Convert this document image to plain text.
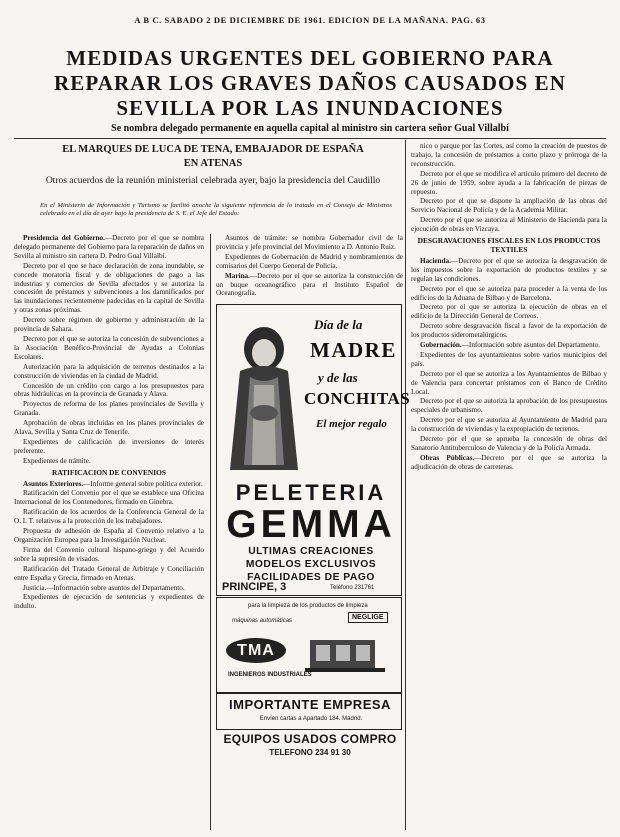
A B C. SABADO 2 DE DICIEMBRE DE 1961. EDICION DE LA MAÑANA. PAG. 63
MEDIDAS URGENTES DEL GOBIERNO PARA
REPARAR LOS GRAVES DAÑOS CAUSADOS EN
SEVILLA POR LAS INUNDACIONES
Se nombra delegado permanente en aquella capital al ministro sin cartera señor Gual Villalbí
EL MARQUES DE LUCA DE TENA, EMBAJADOR DE ESPAÑA
EN ATENAS
Otros acuerdos de la reunión ministerial celebrada ayer, bajo la presidencia del Caudillo
En el Ministerio de Información y Turismo se facilitó anoche la siguiente referencia de lo tratado en el Consejo de Ministros celebrado en el día de ayer bajo la presidencia de S. E. el Jefe del Estado:

Presidencia del Gobierno.—Decreto por el que se nombra delegado permanente del Gobierno para la reparación de daños en Sevilla al ministro sin cartera D. Pedro Gual Villalbí.

Decreto por el que se hace declaración de zona inundable, se concede moratoria fiscal y de obligaciones de pago a las industrias y comercios de Sevilla afectados y se autoriza la concesión de préstamos y subvenciones a los damnificados por las inundaciones recientemente padecidas en la capital de Sevilla y otras zonas próximas.

Decreto sobre régimen de gobierno y administración de la provincia de Sahara.

Decreto por el que se autoriza la concesión de subvenciones a la Asociación Benéfico-Provincial de Ayudas a Colonias Escolares.

Autorización para la adquisición de terrenos destinados a la construcción de viviendas en la ciudad de Madrid.

Concesión de un crédito con cargo a los presupuestos para obras hidráulicas en la provincia de Granada y Alava.

Proyectos de reforma de los planes provinciales de Sevilla y Granada.

Aprobación de obras incluidas en los planes provinciales de Alava, Sevilla y Santa Cruz de Tenerife.

Expedientes de calificación de inversiones de interés preferente.

Expedientes de trámite.

RATIFICACION DE CONVENIOS

Asuntos Exteriores.—Informe general sobre política exterior.

Ratificación del Convenio por el que se establece una Oficina Internacional de los Contenedores, firmado en Ginebra.

Ratificación de los acuerdos de la Conferencia General de la O. I. T. relativos a la protección de los trabajadores.

Propuesta de adhesión de España al Convenio relativo a la Organización Europea para la Investigación Nuclear.

Firma del Convenio cultural hispano-griego y del Acuerdo sobre la supresión de visados.

Ratificación del Tratado General de Arbitraje y Conciliación entre España y Grecia, firmado en Atenas.

Justicia.—Información sobre asuntos del Departamento.

Expedientes de ejecución de sentencias y expedientes de indulto.

Asuntos de trámite: se nombra Gobernador civil de la provincia y jefe provincial del Movimiento a D. Antonio Ruiz.

Expedientes de Gobernación de Madrid y nombramientos de comisarios del Cuerpo General de Policía.

Marina.—Decreto por el que se autoriza la construcción de un buque oceanográfico para el Instituto Español de Oceanografía.

Día de la
MADRE
y de las
CONCHITAS
El mejor regalo
PELETERIA
GEMMA
ULTIMAS CREACIONES
MODELOS EXCLUSIVOS
FACILIDADES DE PAGO
PRINCIPE, 3	Teléfono 231761
para la limpieza de los productos de limpieza
máquinas automáticas	NEGLIGE
TMA
INGENIEROS INDUSTRIALES
IMPORTANTE EMPRESA
Envíen cartas a Apartado 184. Madrid.
EQUIPOS USADOS COMPRO
TELEFONO 234 91 30

nico o parque por las Cortes, así como la creación de puestos de trabajo, la concesión de préstamos a corto plazo y prórroga de la reconstrucción.

Decreto por el que se modifica el artículo primero del decreto de 26 de junio de 1959, sobre ayuda a la fabricación de piezas de repuesto.

Decreto por el que se dispone la ampliación de las obras del Servicio Nacional de Policía y de la Academia Militar.

Decreto por el que se autoriza al Ministerio de Hacienda para la ejecución de obras en Vizcaya.

DESGRAVACIONES FISCALES EN LOS PRODUCTOS TEXTILES

Hacienda.—Decreto por el que se autoriza la desgravación de los impuestos sobre la exportación de productos textiles y se regulan las condiciones.

Decreto por el que se autoriza para proceder a la venta de los edificios de la Aduana de Bilbao y de Barcelona.

Decreto por el que se autoriza la ejecución de obras en el edificio de la Dirección General de Correos.

Decreto sobre desgravación fiscal a favor de la exportación de los productos siderometalúrgicos.

Gobernación.—Información sobre asuntos del Departamento.

Expedientes de los ayuntamientos sobre varios municipios del país.

Decreto por el que se autoriza a los Ayuntamientos de Bilbao y de Valencia para concertar préstamos con el Banco de Crédito Local.

Decreto por el que se autoriza la aprobación de los presupuestos especiales de urbanismo.

Decreto por el que se autoriza al Ayuntamiento de Madrid para la construcción de viviendas y la expropiación de terrenos.

Decreto por el que se aprueba la concesión de obras del Sanatorio Antituberculoso de Valencia y de la Policía Armada.

Obras Públicas.—Decreto por el que se autoriza la adjudicación de obras de carreteras.
